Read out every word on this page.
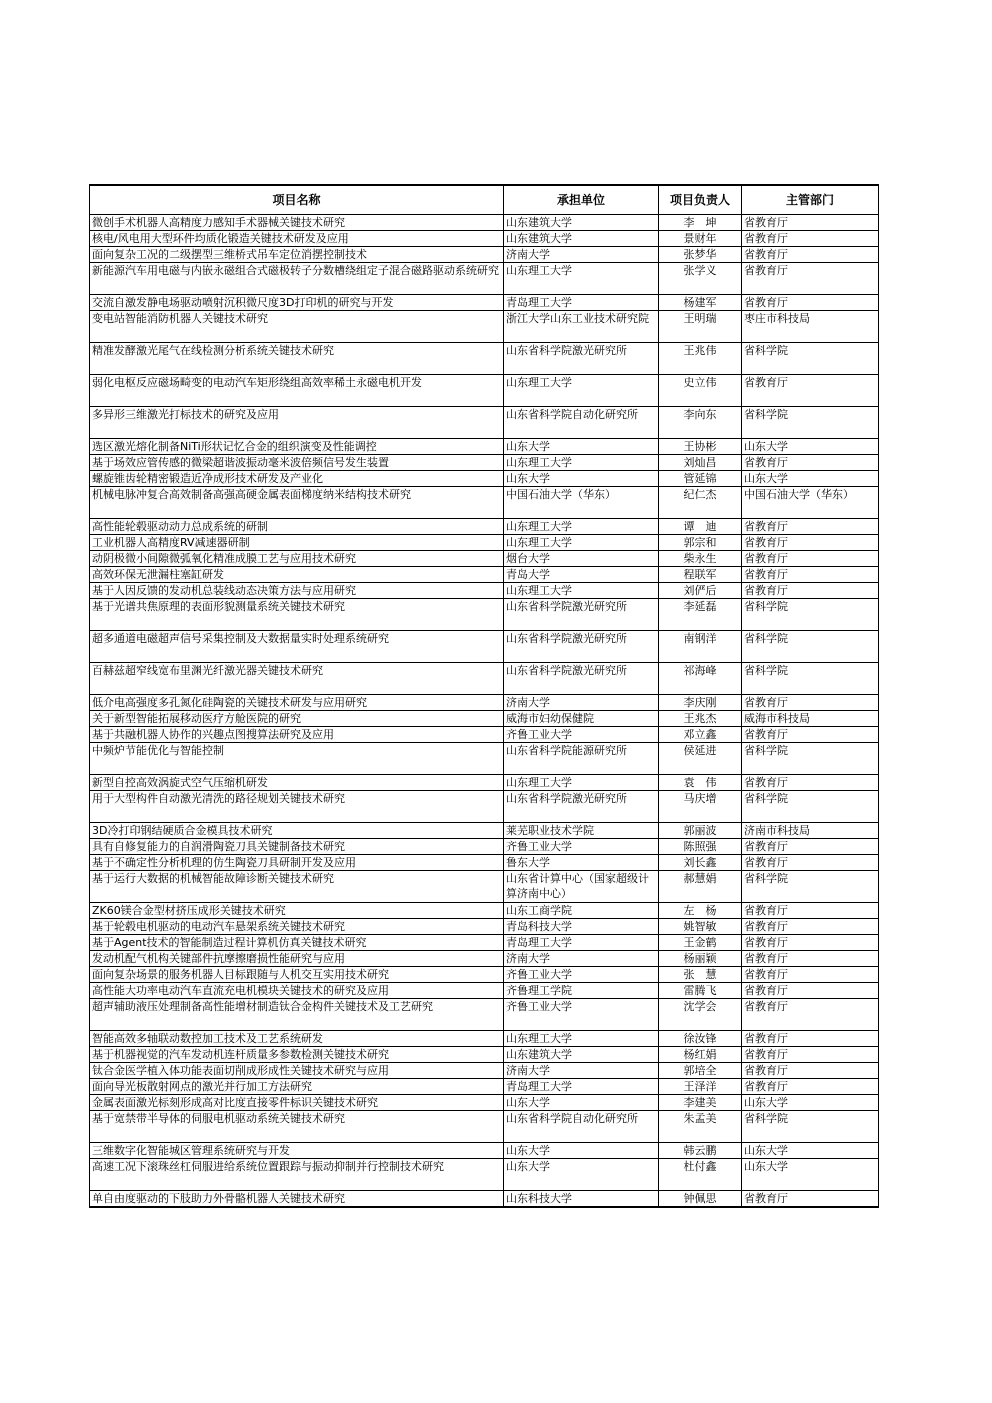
项目名称	承担单位	项目负责人	主管部门
微创手术机器人高精度力感知手术器械关键技术研究	山东建筑大学	李　坤	省教育厅
核电/风电用大型环件均质化锻造关键技术研发及应用	山东建筑大学	景财年	省教育厅
面向复杂工况的二级摆型三维桥式吊车定位消摆控制技术	济南大学	张梦华	省教育厅
新能源汽车用电磁与内嵌永磁组合式磁极转子分数槽绕组定子混合磁路驱动系统研究	山东理工大学	张学义	省教育厅
交流自激发静电场驱动喷射沉积微尺度3D打印机的研究与开发	青岛理工大学	杨建军	省教育厅
变电站智能消防机器人关键技术研究	浙江大学山东工业技术研究院	王明瑞	枣庄市科技局
精准发酵激光尾气在线检测分析系统关键技术研究	山东省科学院激光研究所	王兆伟	省科学院
弱化电枢反应磁场畸变的电动汽车矩形绕组高效率稀土永磁电机开发	山东理工大学	史立伟	省教育厅
多异形三维激光打标技术的研究及应用	山东省科学院自动化研究所	李向东	省科学院
选区激光熔化制备NiTi形状记忆合金的组织演变及性能调控	山东大学	王协彬	山东大学
基于场效应管传感的微梁超谐波振动毫米波倍频信号发生装置	山东理工大学	刘灿昌	省教育厅
螺旋锥齿轮精密锻造近净成形技术研发及产业化	山东大学	管延锦	山东大学
机械电脉冲复合高效制备高强高硬金属表面梯度纳米结构技术研究	中国石油大学（华东）	纪仁杰	中国石油大学（华东）
高性能轮毂驱动动力总成系统的研制	山东理工大学	谭　迪	省教育厅
工业机器人高精度RV减速器研制	山东理工大学	郭宗和	省教育厅
动阴极微小间隙微弧氧化精准成膜工艺与应用技术研究	烟台大学	柴永生	省教育厅
高效环保无泄漏柱塞缸研发	青岛大学	程联军	省教育厅
基于人因反馈的发动机总装线动态决策方法与应用研究	山东理工大学	刘俨后	省教育厅
基于光谱共焦原理的表面形貌测量系统关键技术研究	山东省科学院激光研究所	李延磊	省科学院
超多通道电磁超声信号采集控制及大数据量实时处理系统研究	山东省科学院激光研究所	南钢洋	省科学院
百赫兹超窄线宽布里渊光纤激光器关键技术研究	山东省科学院激光研究所	祁海峰	省科学院
低介电高强度多孔氮化硅陶瓷的关键技术研发与应用研究	济南大学	李庆刚	省教育厅
关于新型智能拓展移动医疗方舱医院的研究	威海市妇幼保健院	王兆杰	威海市科技局
基于共融机器人协作的兴趣点图搜算法研究及应用	齐鲁工业大学	邓立鑫	省教育厅
中频炉节能优化与智能控制	山东省科学院能源研究所	侯延进	省科学院
新型自控高效涡旋式空气压缩机研发	山东理工大学	袁　伟	省教育厅
用于大型构件自动激光清洗的路径规划关键技术研究	山东省科学院激光研究所	马庆增	省科学院
3D冷打印钢结硬质合金模具技术研究	莱芜职业技术学院	郭丽波	济南市科技局
具有自修复能力的自润滑陶瓷刀具关键制备技术研究	齐鲁工业大学	陈照强	省教育厅
基于不确定性分析机理的仿生陶瓷刀具研制开发及应用	鲁东大学	刘长鑫	省教育厅
基于运行大数据的机械智能故障诊断关键技术研究	山东省计算中心（国家超级计算济南中心）	郝慧娟	省科学院
ZK60镁合金型材挤压成形关键技术研究	山东工商学院	左　杨	省教育厅
基于轮毂电机驱动的电动汽车悬架系统关键技术研究	青岛科技大学	姚智敏	省教育厅
基于Agent技术的智能制造过程计算机仿真关键技术研究	青岛理工大学	王金鹤	省教育厅
发动机配气机构关键部件抗摩擦磨损性能研究与应用	济南大学	杨丽颖	省教育厅
面向复杂场景的服务机器人目标跟随与人机交互实用技术研究	齐鲁工业大学	张　慧	省教育厅
高性能大功率电动汽车直流充电机模块关键技术的研究及应用	齐鲁理工学院	雷腾飞	省教育厅
超声辅助液压处理制备高性能增材制造钛合金构件关键技术及工艺研究	齐鲁工业大学	沈学会	省教育厅
智能高效多轴联动数控加工技术及工艺系统研发	山东理工大学	徐汝锋	省教育厅
基于机器视觉的汽车发动机连杆质量多参数检测关键技术研究	山东建筑大学	杨红娟	省教育厅
钛合金医学植入体功能表面切削成形成性关键技术研究与应用	济南大学	郭培全	省教育厅
面向导光板散射网点的激光并行加工方法研究	青岛理工大学	王泽洋	省教育厅
金属表面激光标刻形成高对比度直接零件标识关键技术研究	山东大学	李建美	山东大学
基于宽禁带半导体的伺服电机驱动系统关键技术研究	山东省科学院自动化研究所	朱孟美	省科学院
三维数字化智能城区管理系统研究与开发	山东大学	韩云鹏	山东大学
高速工况下滚珠丝杠伺服进给系统位置跟踪与振动抑制并行控制技术研究	山东大学	杜付鑫	山东大学
单自由度驱动的下肢助力外骨骼机器人关键技术研究	山东科技大学	钟佩思	省教育厅
